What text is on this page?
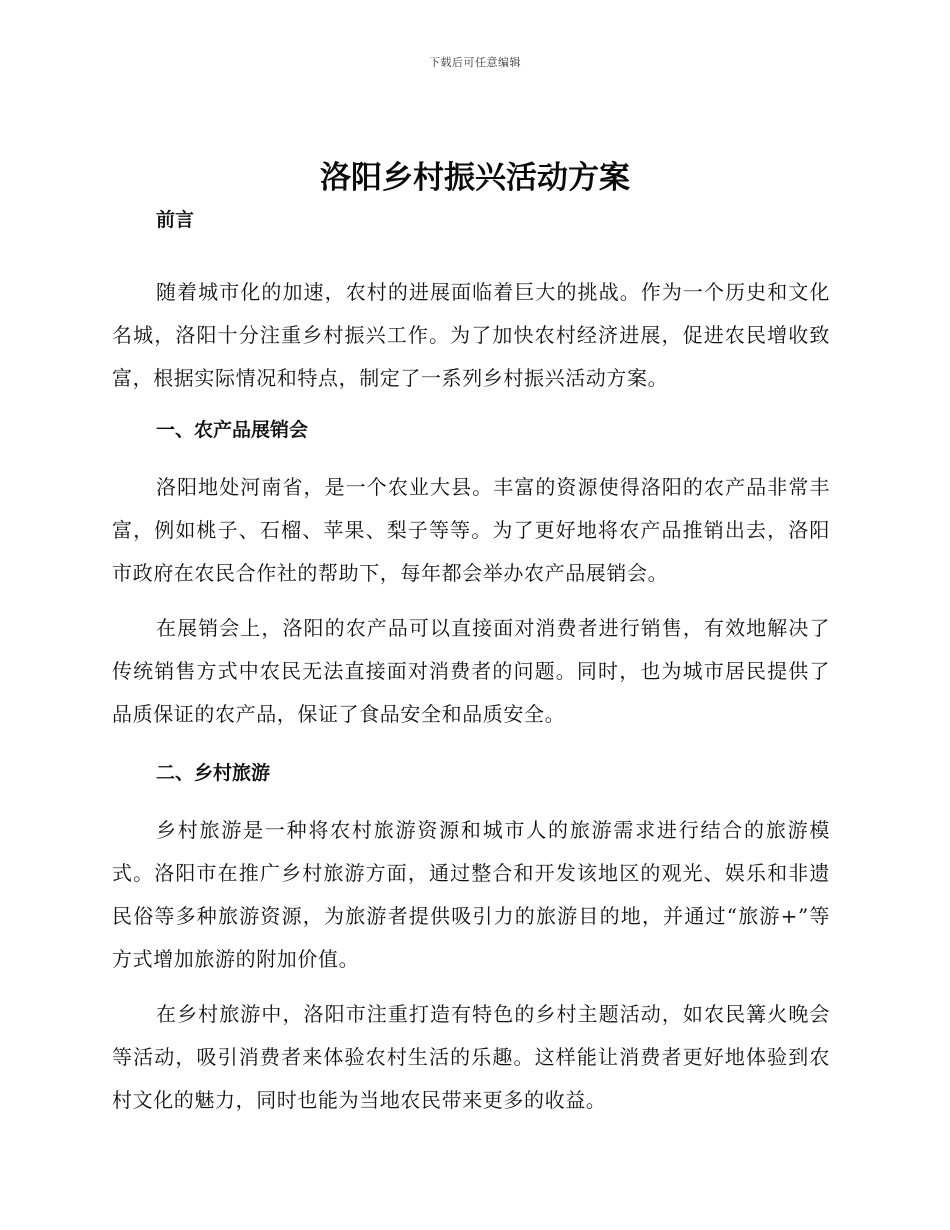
下载后可任意编辑
洛阳乡村振兴活动方案
前言

随着城市化的加速，农村的进展面临着巨大的挑战。作为一个历史和文化名城，洛阳十分注重乡村振兴工作。为了加快农村经济进展，促进农民增收致富，根据实际情况和特点，制定了一系列乡村振兴活动方案。

一、农产品展销会

洛阳地处河南省，是一个农业大县。丰富的资源使得洛阳的农产品非常丰富，例如桃子、石榴、苹果、梨子等等。为了更好地将农产品推销出去，洛阳市政府在农民合作社的帮助下，每年都会举办农产品展销会。

在展销会上，洛阳的农产品可以直接面对消费者进行销售，有效地解决了传统销售方式中农民无法直接面对消费者的问题。同时，也为城市居民提供了品质保证的农产品，保证了食品安全和品质安全。

二、乡村旅游

乡村旅游是一种将农村旅游资源和城市人的旅游需求进行结合的旅游模式。洛阳市在推广乡村旅游方面，通过整合和开发该地区的观光、娱乐和非遗民俗等多种旅游资源，为旅游者提供吸引力的旅游目的地，并通过“旅游+”等方式增加旅游的附加价值。

在乡村旅游中，洛阳市注重打造有特色的乡村主题活动，如农民篝火晚会等活动，吸引消费者来体验农村生活的乐趣。这样能让消费者更好地体验到农村文化的魅力，同时也能为当地农民带来更多的收益。
